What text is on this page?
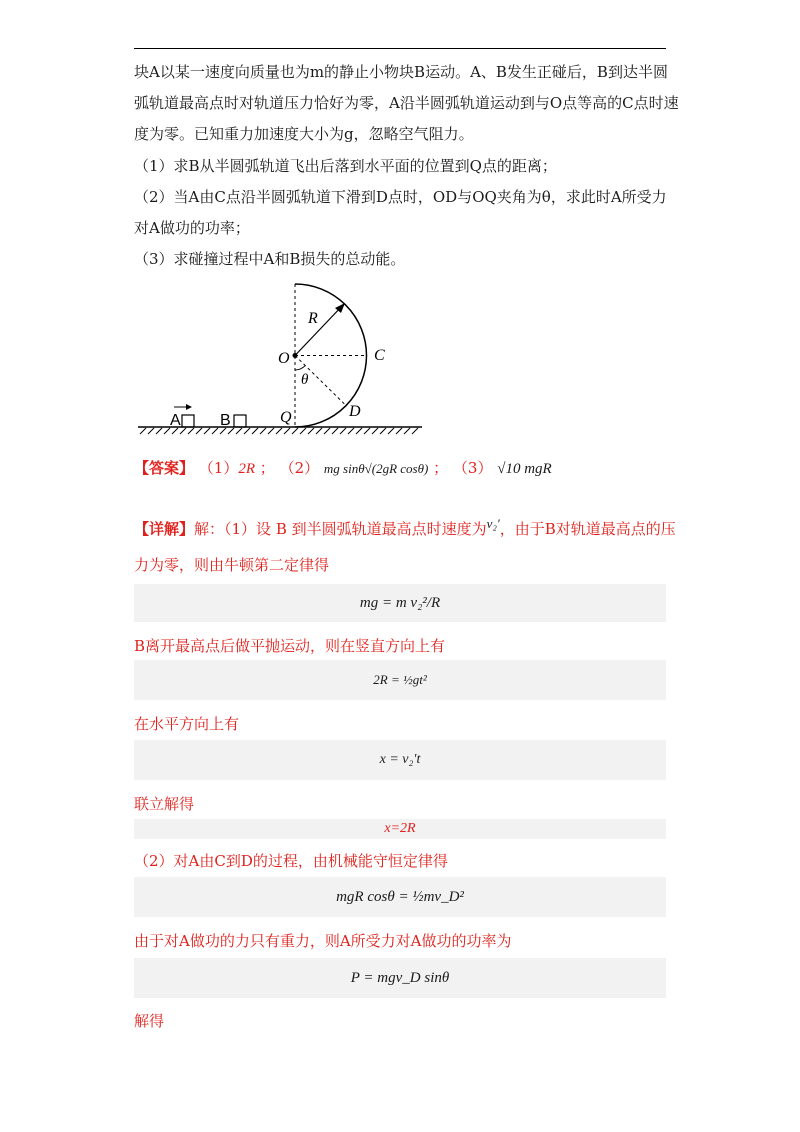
块A以某一速度向质量也为m的静止小物块B运动。A、B发生正碰后，B到达半圆
弧轨道最高点时对轨道压力恰好为零，A沿半圆弧轨道运动到与O点等高的C点时速
度为零。已知重力加速度大小为g，忽略空气阻力。
（1）求B从半圆弧轨道飞出后落到水平面的位置到Q点的距离；
（2）当A由C点沿半圆弧轨道下滑到D点时，OD与OQ夹角为θ，求此时A所受力
对A做功的功率；
（3）求碰撞过程中A和B损失的总动能。
R
O	C
θ
D
Q
A B
【答案】 （1）2R ； （2） mg sinθ√(2gR cosθ) ； （3） √10 mgR
【详解】解：（1）设 B 到半圆弧轨道最高点时速度为v₂′，由于B对轨道最高点的压
力为零，则由牛顿第二定律得
mg = m v₂²/R
B离开最高点后做平抛运动，则在竖直方向上有
2R = ½gt²
在水平方向上有
x = v₂′t
联立解得
x=2R
（2）对A由C到D的过程，由机械能守恒定律得
mgR cosθ = ½mv_D²
由于对A做功的力只有重力，则A所受力对A做功的功率为
P = mgv_D sinθ
解得
